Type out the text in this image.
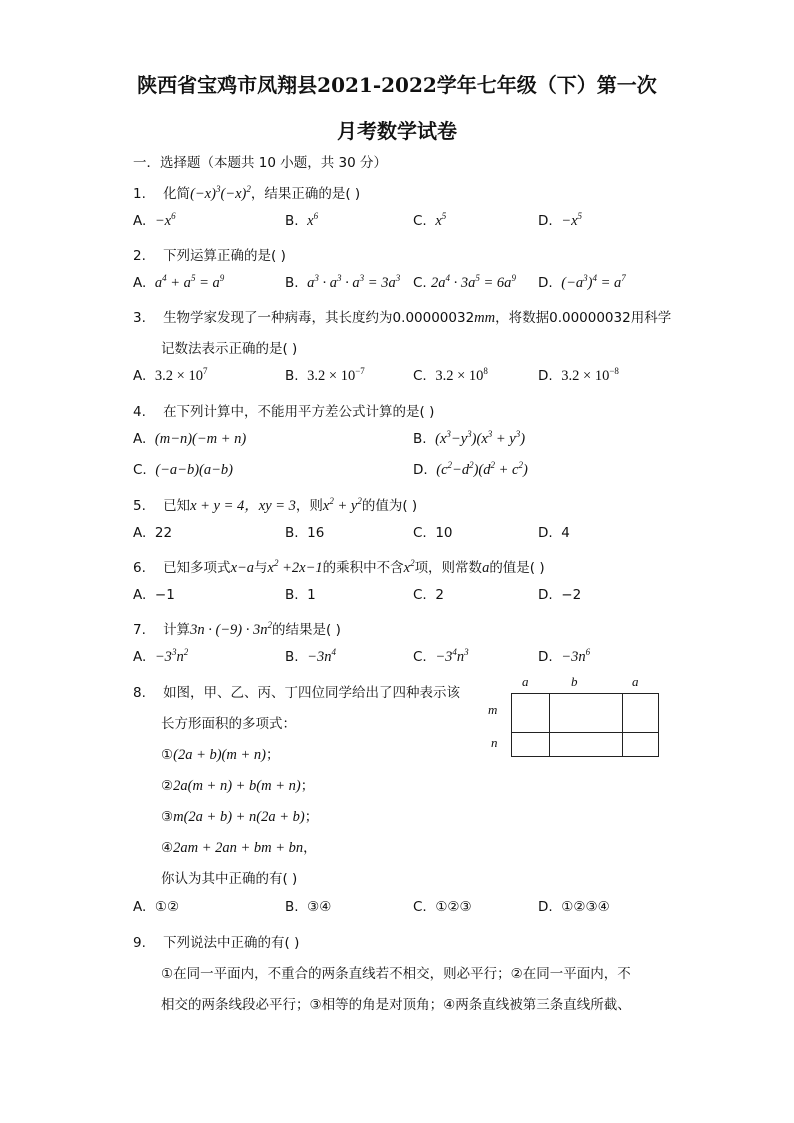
陕西省宝鸡市凤翔县2021-2022学年七年级（下）第一次
月考数学试卷
一．选择题（本题共 10 小题，共 30 分）
1. 化简$(-x)^3(-x)^2$，结果正确的是( )
A. $-x^6$	B. $x^6$	C. $x^5$	D. $-x^5$
2. 下列运算正确的是( )
A. $a^4 + a^5 = a^9$	B. $a^3 \cdot a^3 \cdot a^3 = 3a^3$ C. $2a^4 \cdot 3a^5 = 6a^9$ D. $(-a^3)^4 = a^7$
3. 生物学家发现了一种病毒，其长度约为0.00000032mm，将数据0.00000032用科学
记数法表示正确的是( )
A. $3.2 \times 10^7$	B. $3.2 \times 10^{-7}$	C. $3.2 \times 10^8$	D. $3.2 \times 10^{-8}$
4. 在下列计算中，不能用平方差公式计算的是( )
A. (m−n)(−m + n)	B. $(x^3-y^3)(x^3 + y^3)$
C. (−a−b)(a−b)	D. $(c^2-d^2)(d^2 + c^2)$
5. 已知x + y = 4，xy = 3，则$x^2 + y^2$的值为( )
A. 22	B. 16	C. 10	D. 4
6. 已知多项式x−a与$x^2 +2x-1$的乘积中不含$x^2$项，则常数a的值是( )
A. −1	B. 1	C. 2	D. −2
7. 计算$3n \cdot (-9) \cdot 3n^2$的结果是( )
A. $-3^3n^2$	B. $-3n^4$	C. $-3^4n^3$	D. $-3n^6$
8. 如图，甲、乙、丙、丁四位同学给出了四种表示该
长方形面积的多项式：
①(2a + b)(m + n)；
②2a(m + n) + b(m + n)；
③m(2a + b) + n(2a + b)；
④2am + 2an + bm + bn，
你认为其中正确的有( )
a	b	a
m
n
A. ①②	B. ③④	C. ①②③	D. ①②③④
9. 下列说法中正确的有( )
①在同一平面内，不重合的两条直线若不相交，则必平行；②在同一平面内，不
相交的两条线段必平行；③相等的角是对顶角；④两条直线被第三条直线所截、
